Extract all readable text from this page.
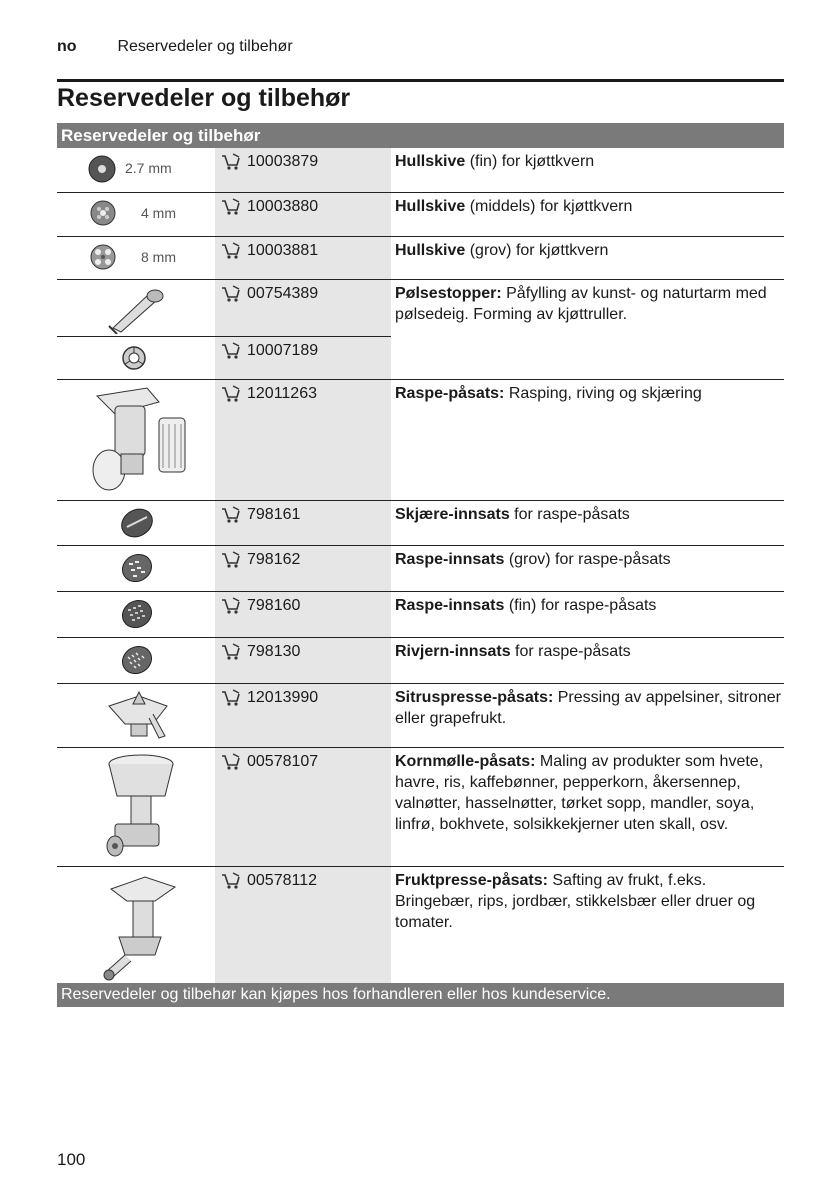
no	Reservedeler og tilbehør
Reservedeler og tilbehør
Reservedeler og tilbehør
2.7 mm	10003879	Hullskive (fin) for kjøttkvern
4 mm	10003880	Hullskive (middels) for kjøttkvern
8 mm	10003881	Hullskive (grov) for kjøttkvern
00754389	Pølsestopper: Påfylling av kunst- og naturtarm med pølsedeig. Forming av kjøttruller.
10007189
12011263	Raspe-påsats: Rasping, riving og skjæring
798161	Skjære-innsats for raspe-påsats
798162	Raspe-innsats (grov) for raspe-påsats
798160	Raspe-innsats (fin) for raspe-påsats
798130	Rivjern-innsats for raspe-påsats
12013990	Sitruspresse-påsats: Pressing av appelsiner, sitroner eller grapefrukt.
00578107	Kornmølle-påsats: Maling av produkter som hvete, havre, ris, kaffebønner, pepperkorn, åkersennep, valnøtter, hasselnøtter, tørket sopp, mandler, soya, linfrø, bokhvete, solsikkekjerner uten skall, osv.
00578112	Fruktpresse-påsats: Safting av frukt, f.eks. Bringebær, rips, jordbær, stikkelsbær eller druer og tomater.
Reservedeler og tilbehør kan kjøpes hos forhandleren eller hos kundeservice.
100
